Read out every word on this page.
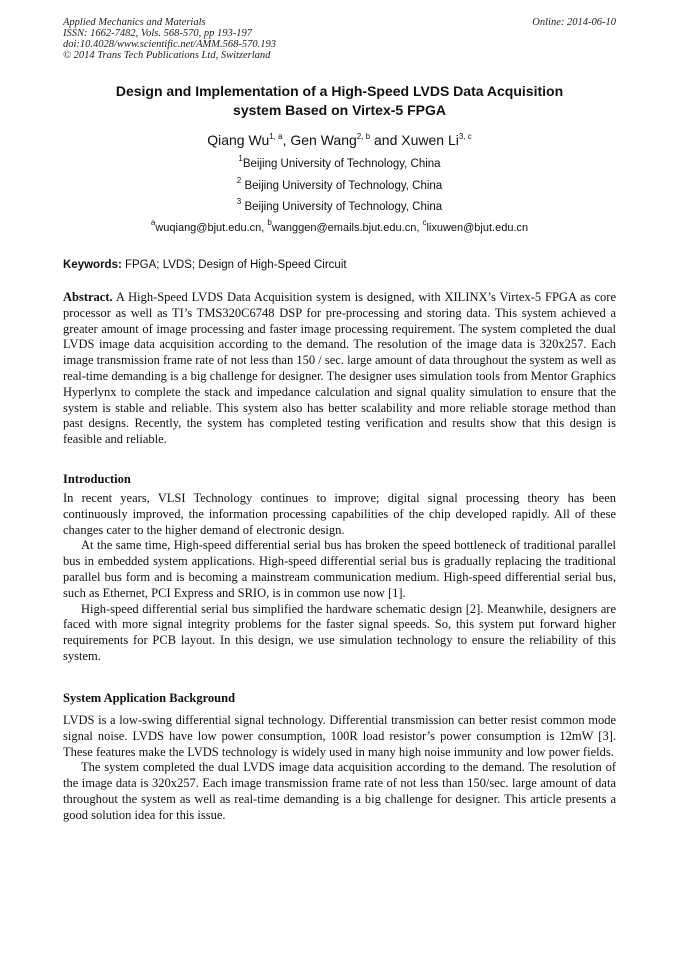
Applied Mechanics and Materials
ISSN: 1662-7482, Vols. 568-570, pp 193-197
doi:10.4028/www.scientific.net/AMM.568-570.193
© 2014 Trans Tech Publications Ltd, Switzerland
Online: 2014-06-10
Design and Implementation of a High-Speed LVDS Data Acquisition
system Based on Virtex-5 FPGA
Qiang Wu$^{1, a}$, Gen Wang$^{2, b}$ and Xuwen Li$^{3, c}$
$^1$Beijing University of Technology, China
$^2$ Beijing University of Technology, China
$^3$ Beijing University of Technology, China
$^a$wuqiang@bjut.edu.cn, $^b$wanggen@emails.bjut.edu.cn, $^c$lixuwen@bjut.edu.cn
Keywords: FPGA; LVDS; Design of High-Speed Circuit

Abstract. A High-Speed LVDS Data Acquisition system is designed, with XILINX’s Virtex-5 FPGA as core processor as well as TI’s TMS320C6748 DSP for pre-processing and storing data. This system achieved a greater amount of image processing and faster image processing requirement. The system completed the dual LVDS image data acquisition according to the demand. The resolution of the image data is 320x257. Each image transmission frame rate of not less than 150 / sec. large amount of data throughout the system as well as real-time demanding is a big challenge for designer. The designer uses simulation tools from Mentor Graphics Hyperlynx to complete the stack and impedance calculation and signal quality simulation to ensure that the system is stable and reliable. This system also has better scalability and more reliable storage method than past designs. Recently, the system has completed testing verification and results show that this design is feasible and reliable.

Introduction

In recent years, VLSI Technology continues to improve; digital signal processing theory has been continuously improved, the information processing capabilities of the chip developed rapidly. All of these changes cater to the higher demand of electronic design.

At the same time, High-speed differential serial bus has broken the speed bottleneck of traditional parallel bus in embedded system applications. High-speed differential serial bus is gradually replacing the traditional parallel bus form and is becoming a mainstream communication medium. High-speed differential serial bus, such as Ethernet, PCI Express and SRIO, is in common use now [1].

High-speed differential serial bus simplified the hardware schematic design [2]. Meanwhile, designers are faced with more signal integrity problems for the faster signal speeds. So, this system put forward higher requirements for PCB layout. In this design, we use simulation technology to ensure the reliability of this system.

System Application Background

LVDS is a low-swing differential signal technology. Differential transmission can better resist common mode signal noise. LVDS have low power consumption, 100R load resistor’s power consumption is 12mW [3]. These features make the LVDS technology is widely used in many high noise immunity and low power fields.

The system completed the dual LVDS image data acquisition according to the demand. The resolution of the image data is 320x257. Each image transmission frame rate of not less than 150/sec. large amount of data throughout the system as well as real-time demanding is a big challenge for designer. This article presents a good solution idea for this issue.
